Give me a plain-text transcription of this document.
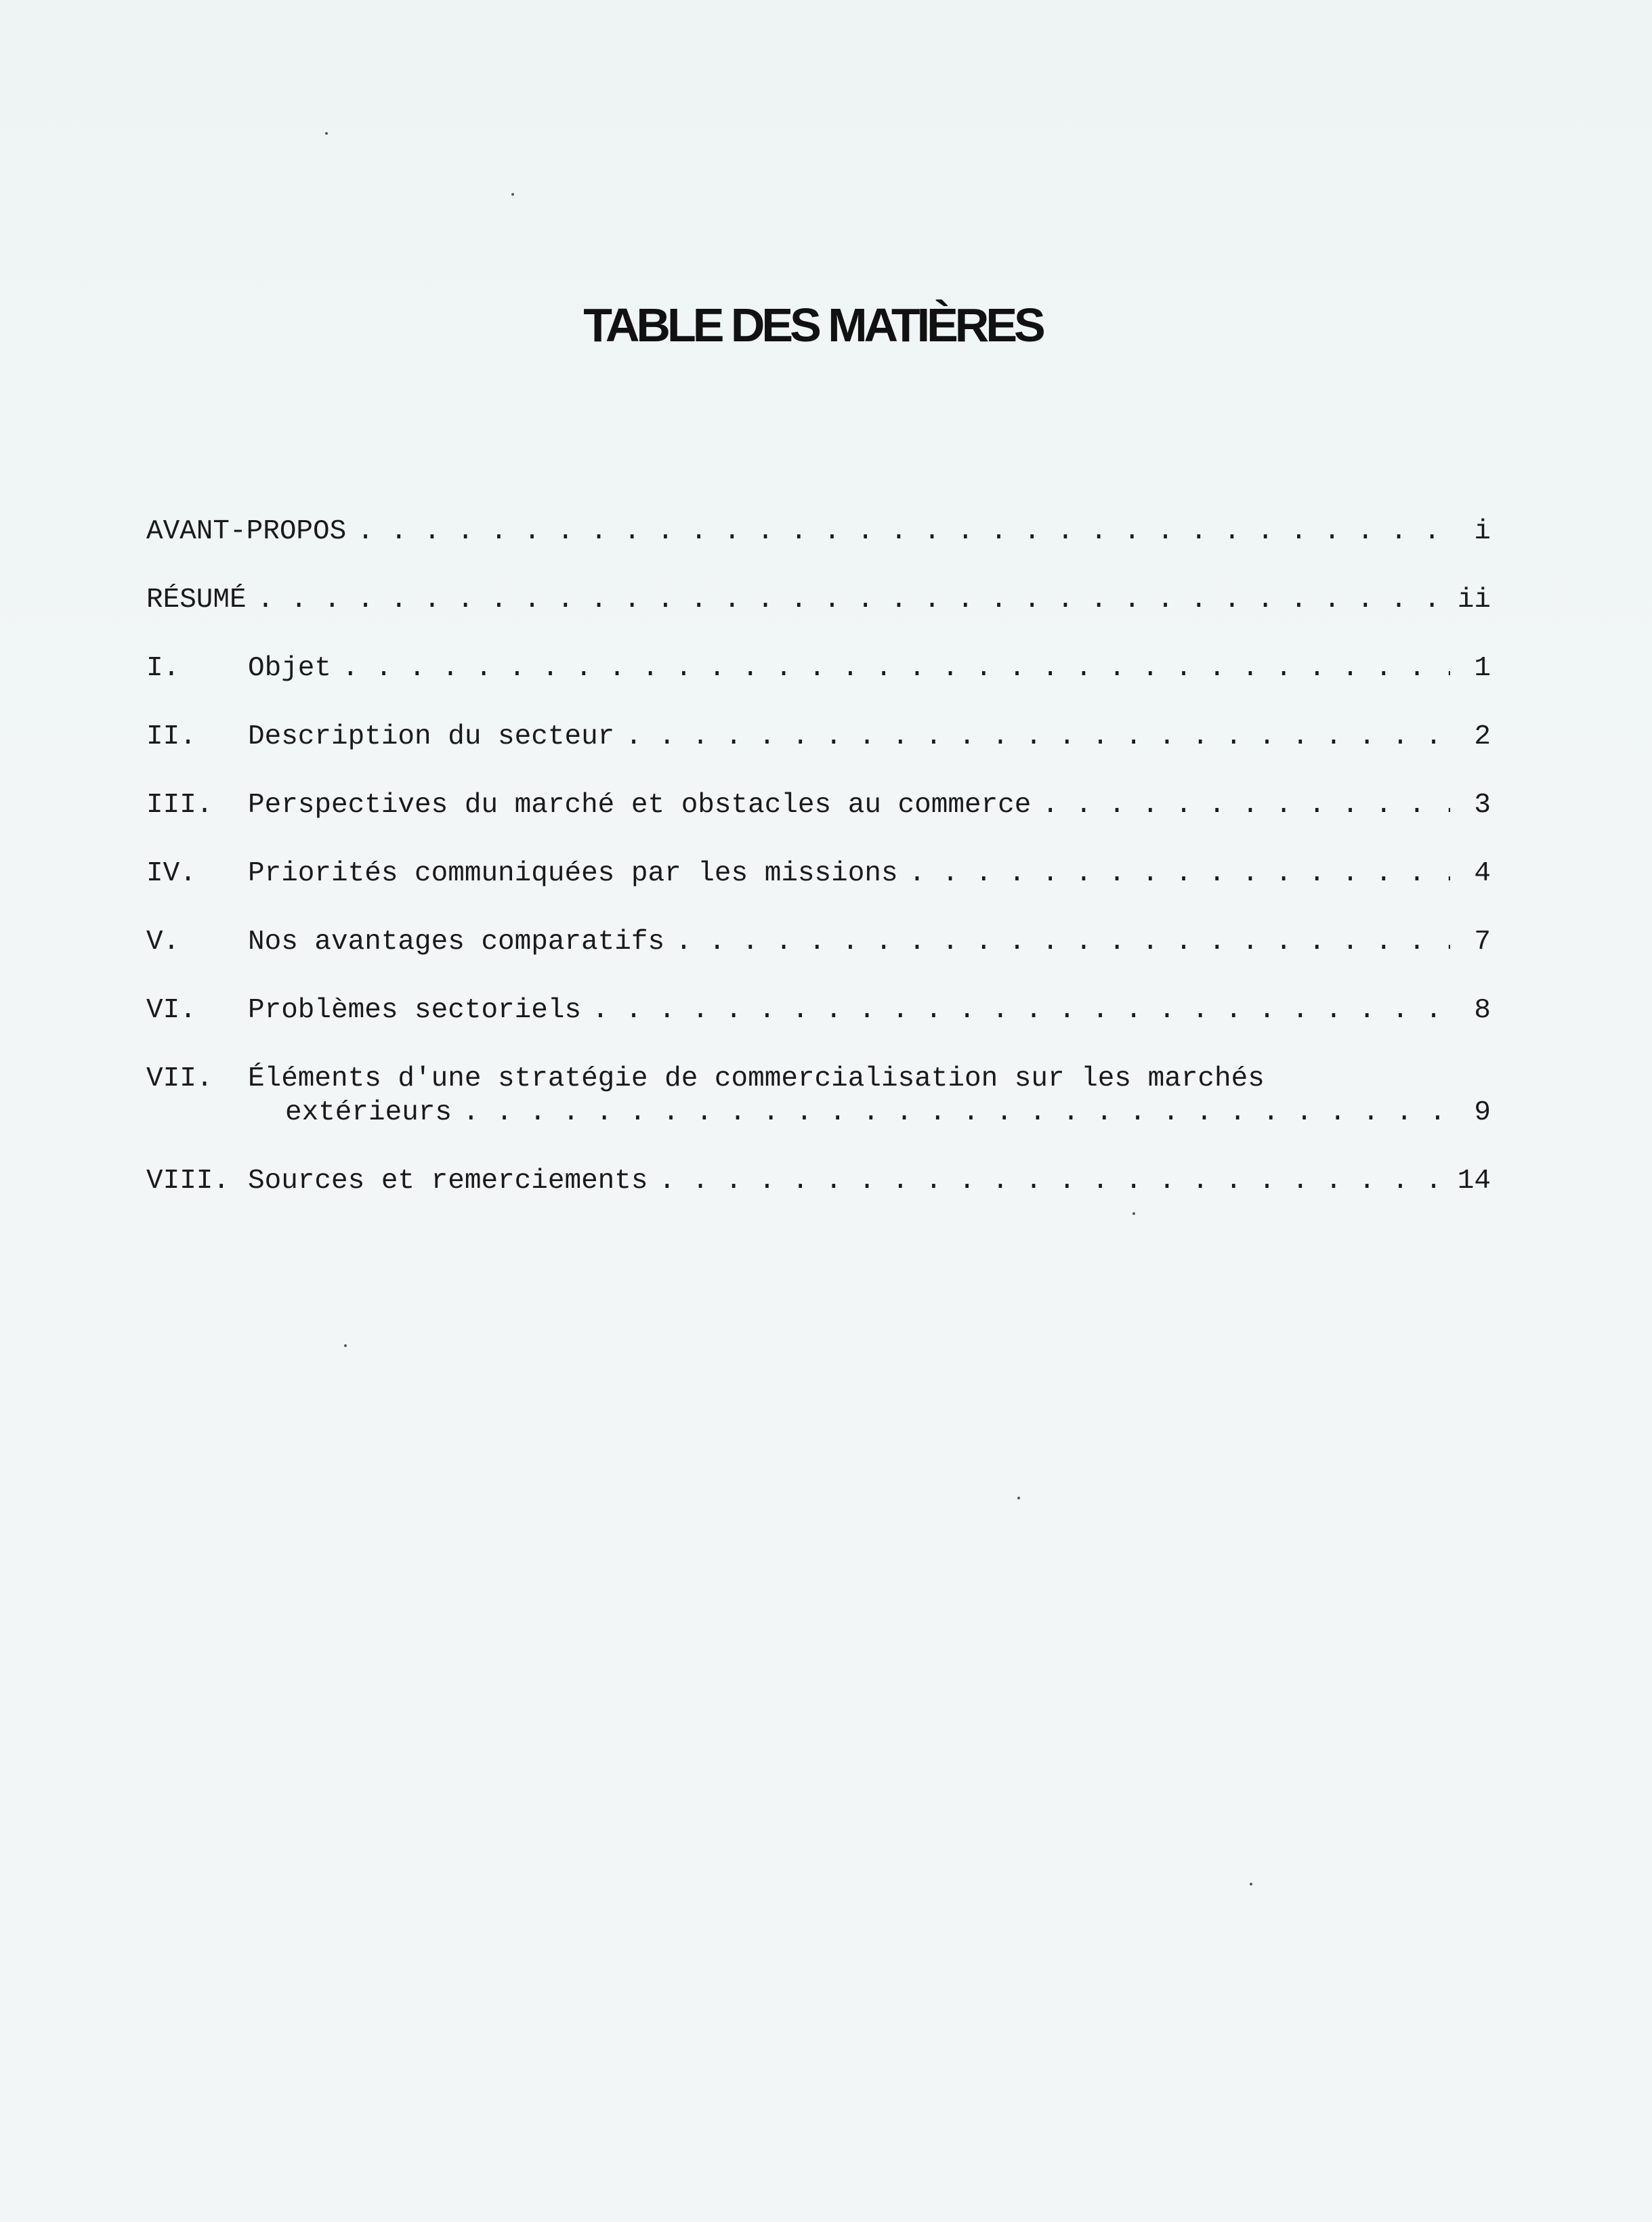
TABLE DES MATIÈRES
AVANT-PROPOS . . .	i
RÉSUMÉ . . .	ii
I.	Objet . . .	1
II.	Description du secteur . . .	2
III.	Perspectives du marché et obstacles au commerce . . .	3
IV.	Priorités communiquées par les missions . . .	4
V.	Nos avantages comparatifs . . .	7
VI.	Problèmes sectoriels . . .	8
VII.	Éléments d'une stratégie de commercialisation sur les marchés
extérieurs . . .	9
VIII. Sources et remerciements . . .	14
